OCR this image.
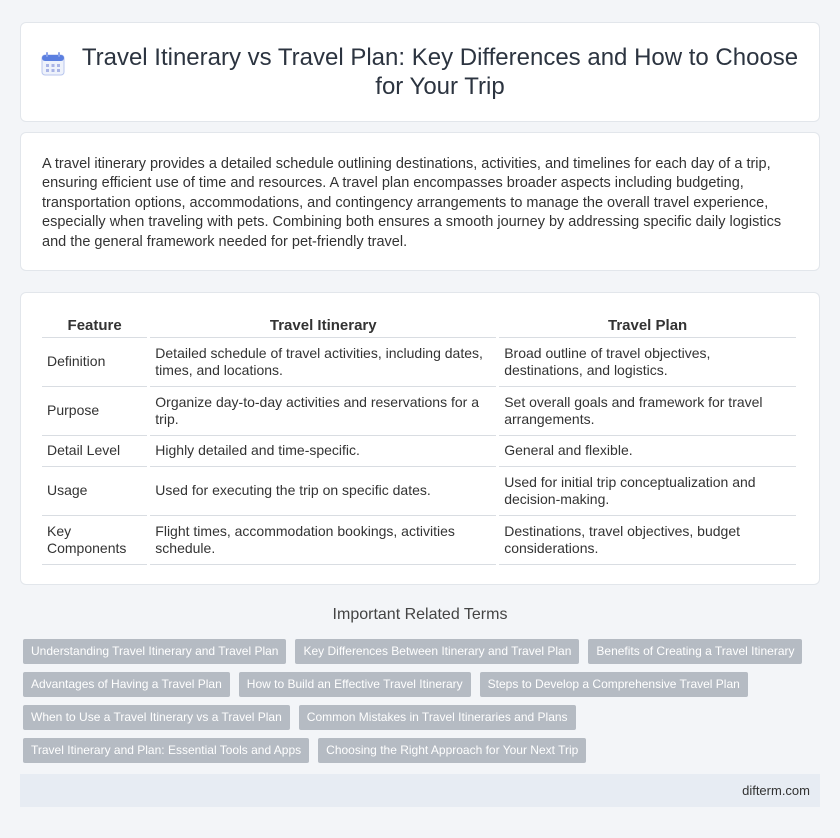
Travel Itinerary vs Travel Plan: Key Differences and How to Choose for Your Trip

A travel itinerary provides a detailed schedule outlining destinations, activities, and timelines for each day of a trip, ensuring efficient use of time and resources. A travel plan encompasses broader aspects including budgeting, transportation options, accommodations, and contingency arrangements to manage the overall travel experience, especially when traveling with pets. Combining both ensures a smooth journey by addressing specific daily logistics and the general framework needed for pet-friendly travel.

Feature	Travel Itinerary	Travel Plan
Definition	Detailed schedule of travel activities, including dates, times, and locations.	Broad outline of travel objectives, destinations, and logistics.
Purpose	Organize day-to-day activities and reservations for a trip.	Set overall goals and framework for travel arrangements.
Detail Level	Highly detailed and time-specific.	General and flexible.
Usage	Used for executing the trip on specific dates.	Used for initial trip conceptualization and decision-making.
Key Components	Flight times, accommodation bookings, activities schedule.	Destinations, travel objectives, budget considerations.
Important Related Terms
Understanding Travel Itinerary and Travel Plan Key Differences Between Itinerary and Travel Plan Benefits of Creating a Travel Itinerary
Advantages of Having a Travel Plan How to Build an Effective Travel Itinerary Steps to Develop a Comprehensive Travel Plan
When to Use a Travel Itinerary vs a Travel Plan Common Mistakes in Travel Itineraries and Plans
Travel Itinerary and Plan: Essential Tools and Apps Choosing the Right Approach for Your Next Trip
difterm.com
